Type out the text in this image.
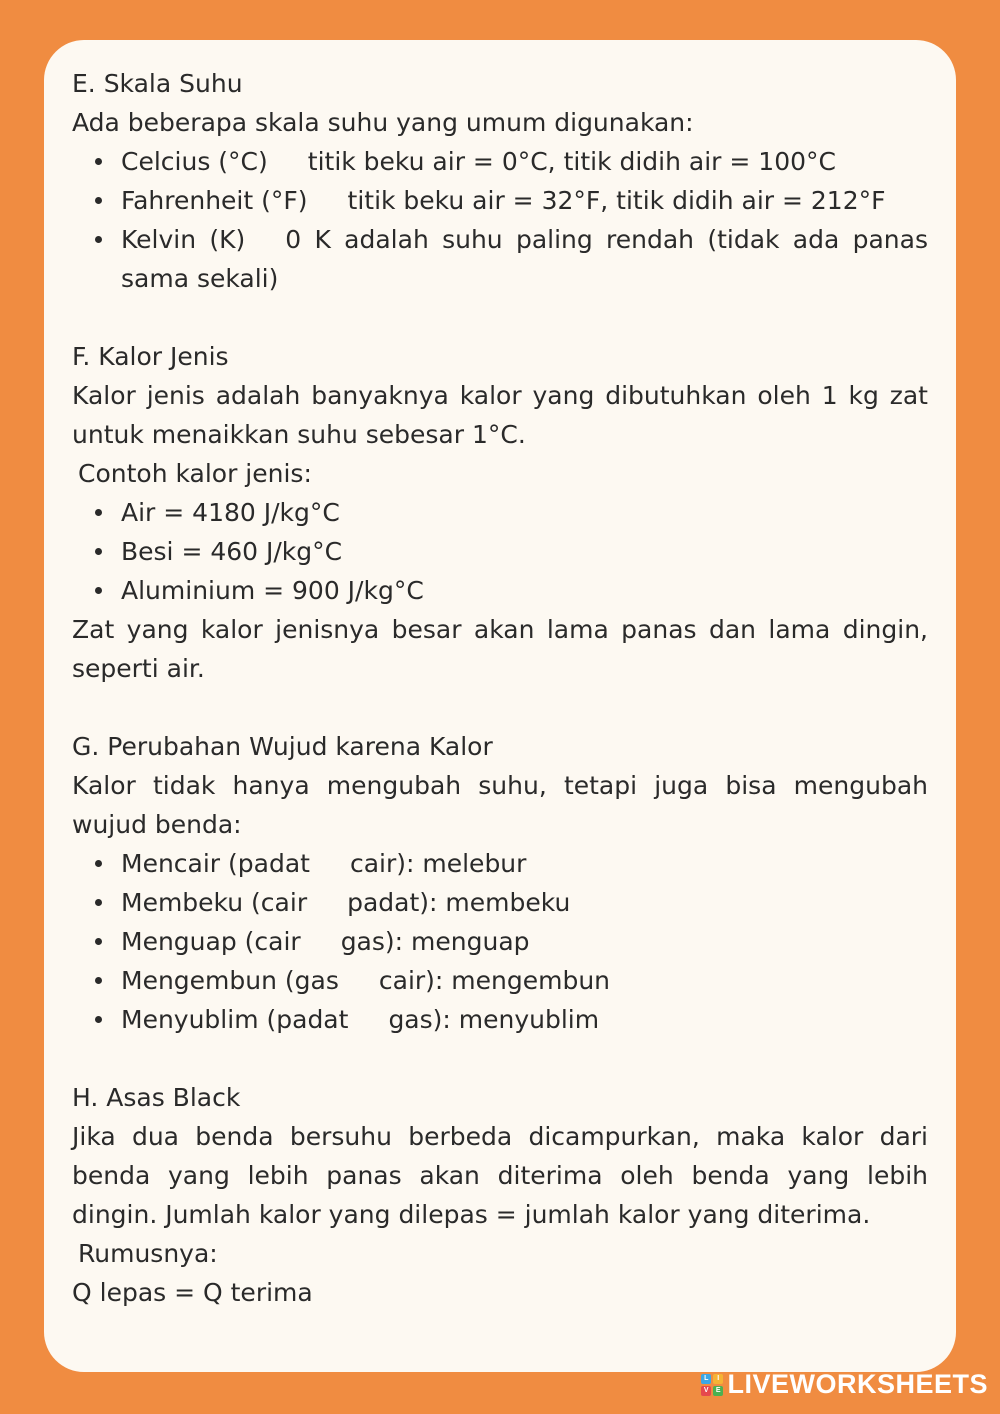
E. Skala Suhu

Ada beberapa skala suhu yang umum digunakan:

Celcius (°C) titik beku air = 0°C, titik didih air = 100°C
Fahrenheit (°F) titik beku air = 32°F, titik didih air = 212°F
Kelvin (K) 0 K adalah suhu paling rendah (tidak ada panas sama sekali)

F. Kalor Jenis

Kalor jenis adalah banyaknya kalor yang dibutuhkan oleh 1 kg zat untuk menaikkan suhu sebesar 1°C.

Contoh kalor jenis:

Air = 4180 J/kg°C
Besi = 460 J/kg°C
Aluminium = 900 J/kg°C

Zat yang kalor jenisnya besar akan lama panas dan lama dingin, seperti air.

G. Perubahan Wujud karena Kalor

Kalor tidak hanya mengubah suhu, tetapi juga bisa mengubah wujud benda:

Mencair (padat cair): melebur
Membeku (cair padat): membeku
Menguap (cair gas): menguap
Mengembun (gas cair): mengembun
Menyublim (padat gas): menyublim

H. Asas Black

Jika dua benda bersuhu berbeda dicampurkan, maka kalor dari benda yang lebih panas akan diterima oleh benda yang lebih dingin. Jumlah kalor yang dilepas = jumlah kalor yang diterima.

Rumusnya:

Q lepas = Q terima

L	I
V E LIVEWORKSHEETS
